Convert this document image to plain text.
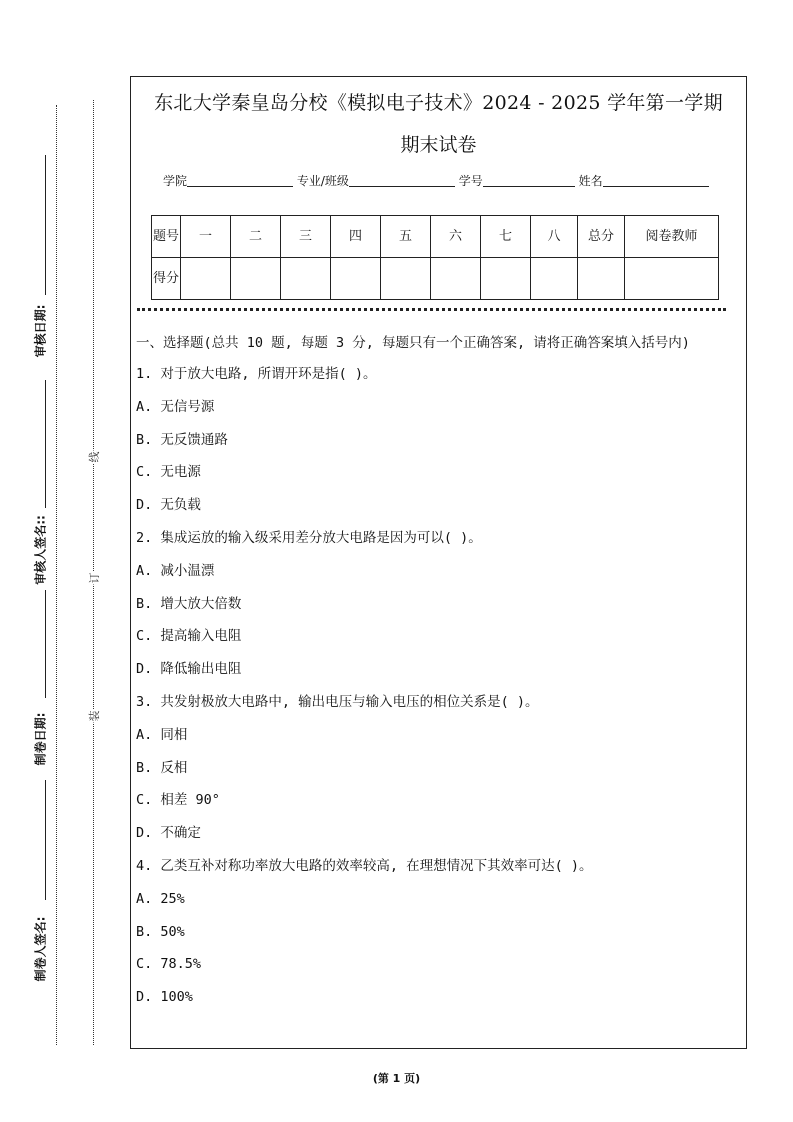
审核日期:
审核人签名::
制卷日期:
制卷人签名:
线
订
装
东北大学秦皇岛分校《模拟电子技术》2024 - 2025 学年第一学期
期末试卷
学院	专业/班级	学号	姓名
题号	一	二	三	四	五	六	七	八	总分	阅卷教师
得分										
一、选择题(总共 10 题, 每题 3 分, 每题只有一个正确答案, 请将正确答案填入括号内)
1. 对于放大电路, 所谓开环是指( )。
A. 无信号源
B. 无反馈通路
C. 无电源
D. 无负载
2. 集成运放的输入级采用差分放大电路是因为可以( )。
A. 减小温漂
B. 增大放大倍数
C. 提高输入电阻
D. 降低输出电阻
3. 共发射极放大电路中, 输出电压与输入电压的相位关系是( )。
A. 同相
B. 反相
C. 相差 90°
D. 不确定
4. 乙类互补对称功率放大电路的效率较高, 在理想情况下其效率可达( )。
A. 25%
B. 50%
C. 78.5%
D. 100%
(第 1 页)
